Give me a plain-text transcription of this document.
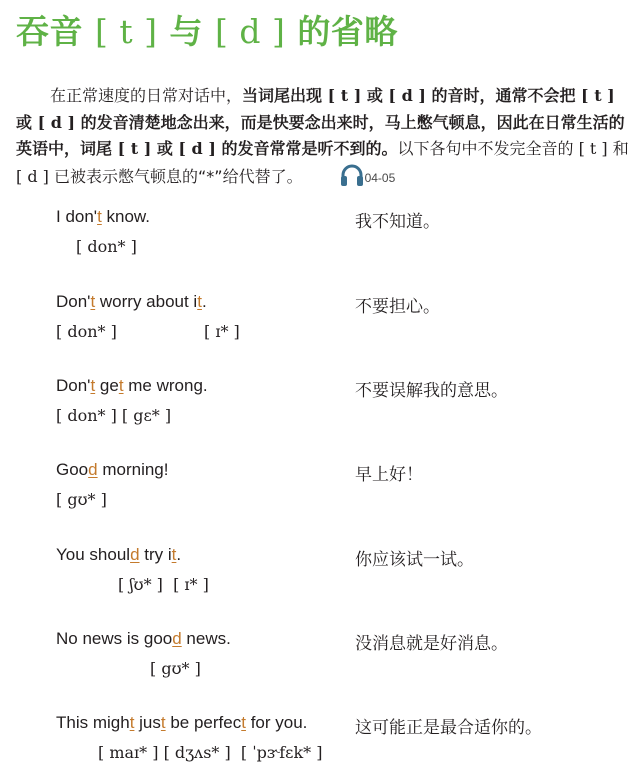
吞音 [ t ] 与 [ d ] 的省略
在正常速度的日常对话中，当词尾出现 [ t ] 或 [ d ] 的音时，通常不会把 [ t ] 或 [ d ] 的发音清楚地念出来，而是快要念出来时，马上憋气顿息，因此在日常生活的英语中，词尾 [ t ] 或 [ d ] 的发音常常是听不到的。以下各句中不发完全音的 [ t ] 和 [ d ] 已被表示憋气顿息的“*”给代替了。	04-05
I don't know.	我不知道。
[ don* ]
Don't worry about it.	不要担心。
[ don* ]	[ ɪ* ]
Don't get me wrong.	不要误解我的意思。
[ don* ] [ gɛ* ]
Good morning!	早上好！
[ gʊ* ]
You should try it.	你应该试一试。
[ ʃʊ* ]  [ ɪ* ]
No news is good news.	没消息就是好消息。
[ gʊ* ]
This might just be perfect for you.	这可能正是最合适你的。
[ maɪ* ] [ dʒʌs* ]  [ ˈpɝfɛk* ]
